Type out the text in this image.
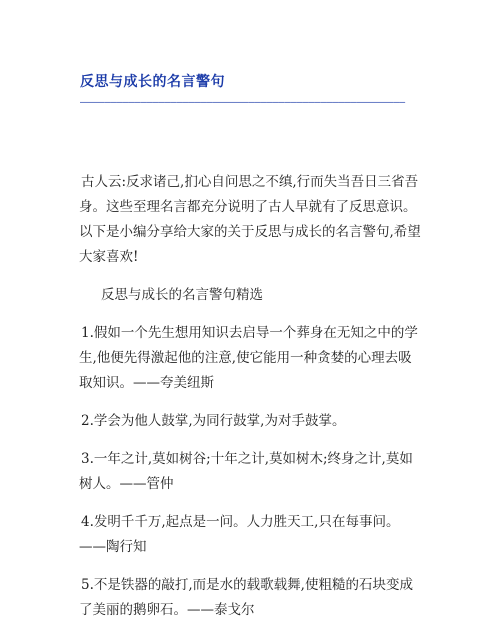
反思与成长的名言警句
——————————————————————————————————————————————————————

古人云:反求诸己,扪心自问思之不缜,行而失当吾日三省吾身。这些至理名言都充分说明了古人早就有了反思意识。以下是小编分享给大家的关于反思与成长的名言警句,希望大家喜欢!

反思与成长的名言警句精选

1.假如一个先生想用知识去启导一个葬身在无知之中的学生,他便先得激起他的注意,使它能用一种贪婪的心理去吸取知识。——夸美纽斯

2.学会为他人鼓掌,为同行鼓掌,为对手鼓掌。

3.一年之计,莫如树谷;十年之计,莫如树木;终身之计,莫如树人。——管仲

4.发明千千万,起点是一问。人力胜天工,只在每事问。——陶行知

5.不是铁器的敲打,而是水的载歌载舞,使粗糙的石块变成了美丽的鹅卵石。——泰戈尔
